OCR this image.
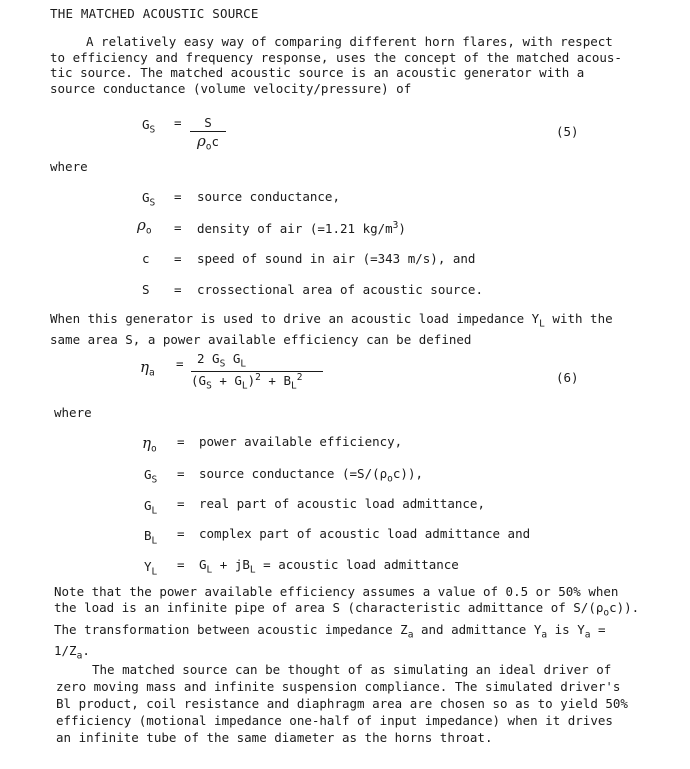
THE MATCHED ACOUSTIC SOURCE
A relatively easy way of comparing different horn flares, with respect
to efficiency and frequency response, uses the concept of the matched acous-
tic source. The matched acoustic source is an acoustic generator with a
source conductance (volume velocity/pressure) of
$G_S$ =	S
$\rho_oc$
(5)
where
$G_S$ = source conductance,
$\rho_o$ = density of air (=1.21 $kg/m^3$)
c = speed of sound in air (=343 m/s), and
S = crossectional area of acoustic source.
When this generator is used to drive an acoustic load impedance $Y_L$ with the
same area S, a power available efficiency can be defined
$\eta_a$
=	2 $G_S$ $G_L$
$(G_S + G_L)^2 + B_L^2$	(6)
where
$\eta_o$ = power available efficiency,
$G_S$ = source conductance $(=S/(\rho_oc))$,
$G_L$ = real part of acoustic load admittance,
$B_L$ = complex part of acoustic load admittance and
$Y_L = G_L + jB_L$ = acoustic load admittance
Note that the power available efficiency assumes a value of 0.5 or 50% when
the load is an infinite pipe of area S (characteristic admittance of $S/(\rho_oc)$).
The transformation between acoustic impedance $Z_a$ and admittance $Y_a$ is $Y_a$ =
$1/Z_a$.
The matched source can be thought of as simulating an ideal driver of
zero moving mass and infinite suspension compliance. The simulated driver's
Bl product, coil resistance and diaphragm area are chosen so as to yield 50%
efficiency (motional impedance one-half of input impedance) when it drives
an infinite tube of the same diameter as the horns throat.
